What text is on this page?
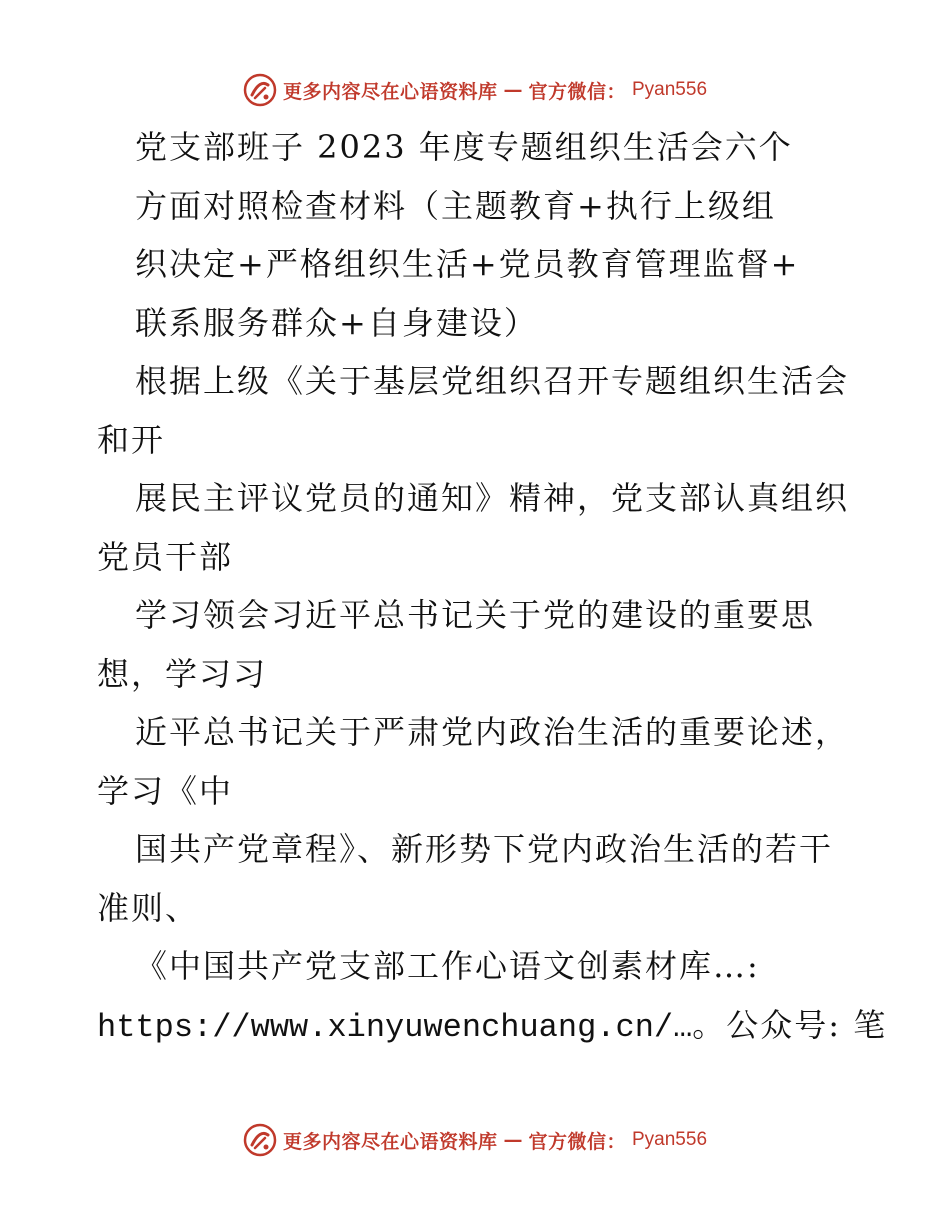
更多内容尽在心语资料库 — 官方微信： Pyan556
党支部班子 2023 年度专题组织生活会六个
方面对照检查材料（主题教育+执行上级组
织决定+严格组织生活+党员教育管理监督+
联系服务群众+自身建设）
根据上级《关于基层党组织召开专题组织生活会
和开
展民主评议党员的通知》精神，党支部认真组织
党员干部
学习领会习近平总书记关于党的建设的重要思
想，学习习
近平总书记关于严肃党内政治生活的重要论述，
学习《中
国共产党章程》、新形势下党内政治生活的若干
准则、
《中国共产党支部工作心语文创素材库…:
https://www.xinyuwenchuang.cn/…。公众号: 笔
更多内容尽在心语资料库 — 官方微信： Pyan556
